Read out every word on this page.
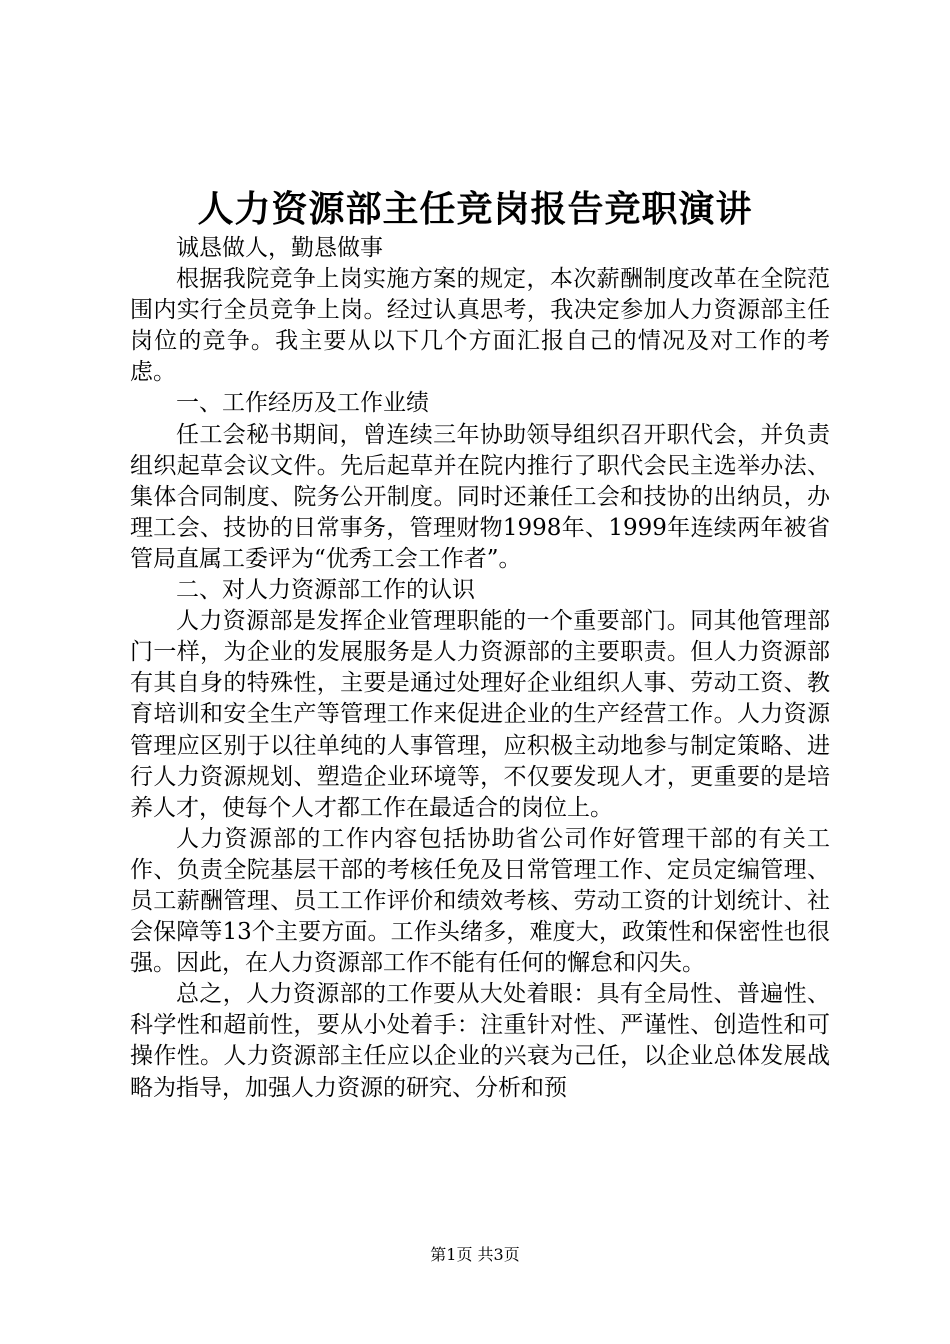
人力资源部主任竞岗报告竞职演讲

诚恳做人，勤恳做事

根据我院竞争上岗实施方案的规定，本次薪酬制度改革在全院范围内实行全员竞争上岗。经过认真思考，我决定参加人力资源部主任岗位的竞争。我主要从以下几个方面汇报自己的情况及对工作的考虑。

一、工作经历及工作业绩

任工会秘书期间，曾连续三年协助领导组织召开职代会，并负责组织起草会议文件。先后起草并在院内推行了职代会民主选举办法、集体合同制度、院务公开制度。同时还兼任工会和技协的出纳员，办理工会、技协的日常事务，管理财物1998年、1999年连续两年被省管局直属工委评为“优秀工会工作者”。

二、对人力资源部工作的认识

人力资源部是发挥企业管理职能的一个重要部门。同其他管理部门一样，为企业的发展服务是人力资源部的主要职责。但人力资源部有其自身的特殊性，主要是通过处理好企业组织人事、劳动工资、教育培训和安全生产等管理工作来促进企业的生产经营工作。人力资源管理应区别于以往单纯的人事管理，应积极主动地参与制定策略、进行人力资源规划、塑造企业环境等，不仅要发现人才，更重要的是培养人才，使每个人才都工作在最适合的岗位上。

人力资源部的工作内容包括协助省公司作好管理干部的有关工作、负责全院基层干部的考核任免及日常管理工作、定员定编管理、员工薪酬管理、员工工作评价和绩效考核、劳动工资的计划统计、社会保障等13个主要方面。工作头绪多，难度大，政策性和保密性也很强。因此，在人力资源部工作不能有任何的懈怠和闪失。

总之，人力资源部的工作要从大处着眼：具有全局性、普遍性、科学性和超前性，要从小处着手：注重针对性、严谨性、创造性和可操作性。人力资源部主任应以企业的兴衰为己任，以企业总体发展战略为指导，加强人力资源的研究、分析和预

第1页 共3页
